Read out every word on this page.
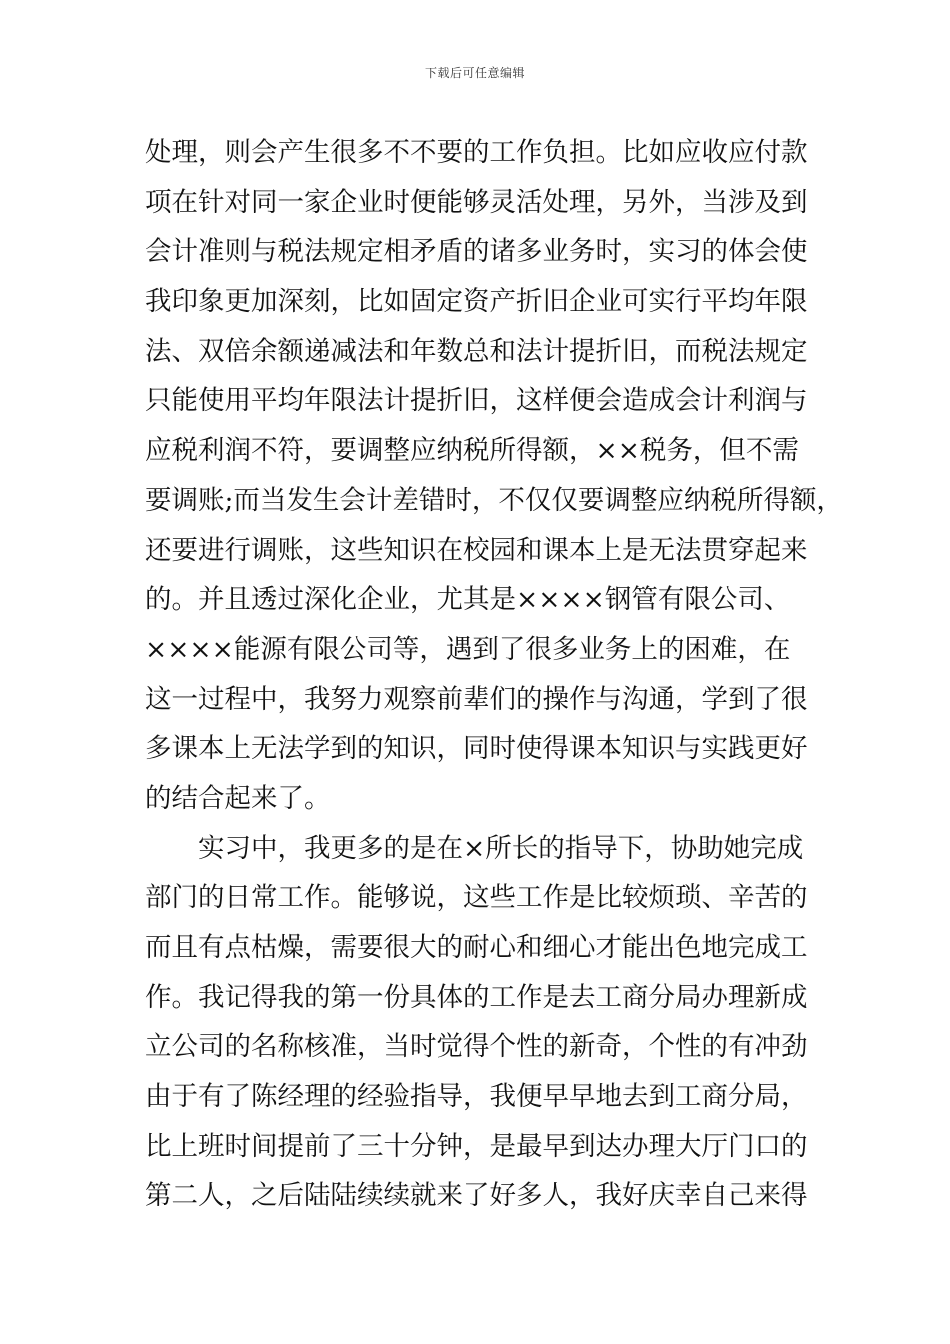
下载后可任意编辑
处理，则会产生很多不不要的工作负担。比如应收应付款
项在针对同一家企业时便能够灵活处理，另外，当涉及到
会计准则与税法规定相矛盾的诸多业务时，实习的体会使
我印象更加深刻，比如固定资产折旧企业可实行平均年限
法、双倍余额递减法和年数总和法计提折旧，而税法规定
只能使用平均年限法计提折旧，这样便会造成会计利润与
应税利润不符，要调整应纳税所得额，××税务，但不需
要调账;而当发生会计差错时，不仅仅要调整应纳税所得额，
还要进行调账，这些知识在校园和课本上是无法贯穿起来
的。并且透过深化企业，尤其是××××钢管有限公司、
××××能源有限公司等，遇到了很多业务上的困难，在
这一过程中，我努力观察前辈们的操作与沟通，学到了很
多课本上无法学到的知识，同时使得课本知识与实践更好
的结合起来了。
　　实习中，我更多的是在×所长的指导下，协助她完成
部门的日常工作。能够说，这些工作是比较烦琐、辛苦的
而且有点枯燥，需要很大的耐心和细心才能出色地完成工
作。我记得我的第一份具体的工作是去工商分局办理新成
立公司的名称核准，当时觉得个性的新奇，个性的有冲劲
由于有了陈经理的经验指导，我便早早地去到工商分局，
比上班时间提前了三十分钟，是最早到达办理大厅门口的
第二人，之后陆陆续续就来了好多人，我好庆幸自己来得
